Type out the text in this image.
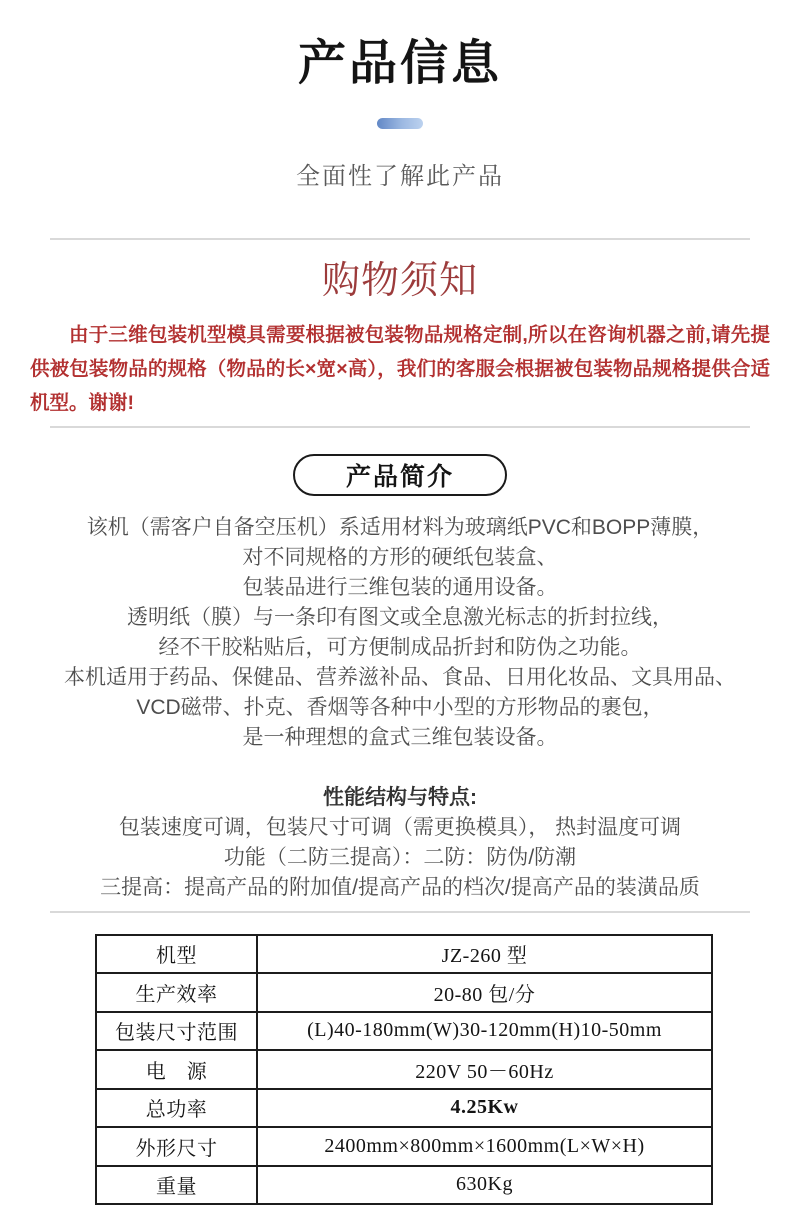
产品信息

全面性了解此产品

购物须知

由于三维包装机型模具需要根据被包装物品规格定制,所以在咨询机器之前,请先提供被包装物品的规格（物品的长×宽×高），我们的客服会根据被包装物品规格提供合适机型。谢谢!

产品简介

该机（需客户自备空压机）系适用材料为玻璃纸PVC和BOPP薄膜，

对不同规格的方形的硬纸包装盒、

包装品进行三维包装的通用设备。

透明纸（膜）与一条印有图文或全息激光标志的折封拉线，

经不干胶粘贴后，可方便制成品折封和防伪之功能。

本机适用于药品、保健品、营养滋补品、食品、日用化妆品、文具用品、

VCD磁带、扑克、香烟等各种中小型的方形物品的裹包，

是一种理想的盒式三维包装设备。

性能结构与特点:

包装速度可调，包装尺寸可调（需更换模具）， 热封温度可调

功能（二防三提高）：二防：防伪/防潮

三提高：提高产品的附加值/提高产品的档次/提高产品的装潢品质

机型	JZ-260 型
生产效率	20-80 包/分
包装尺寸范围	(L)40-180mm(W)30-120mm(H)10-50mm
电　源	220V 50－60Hz
总功率	4.25Kw
外形尺寸	2400mm×800mm×1600mm(L×W×H)
重量	630Kg
